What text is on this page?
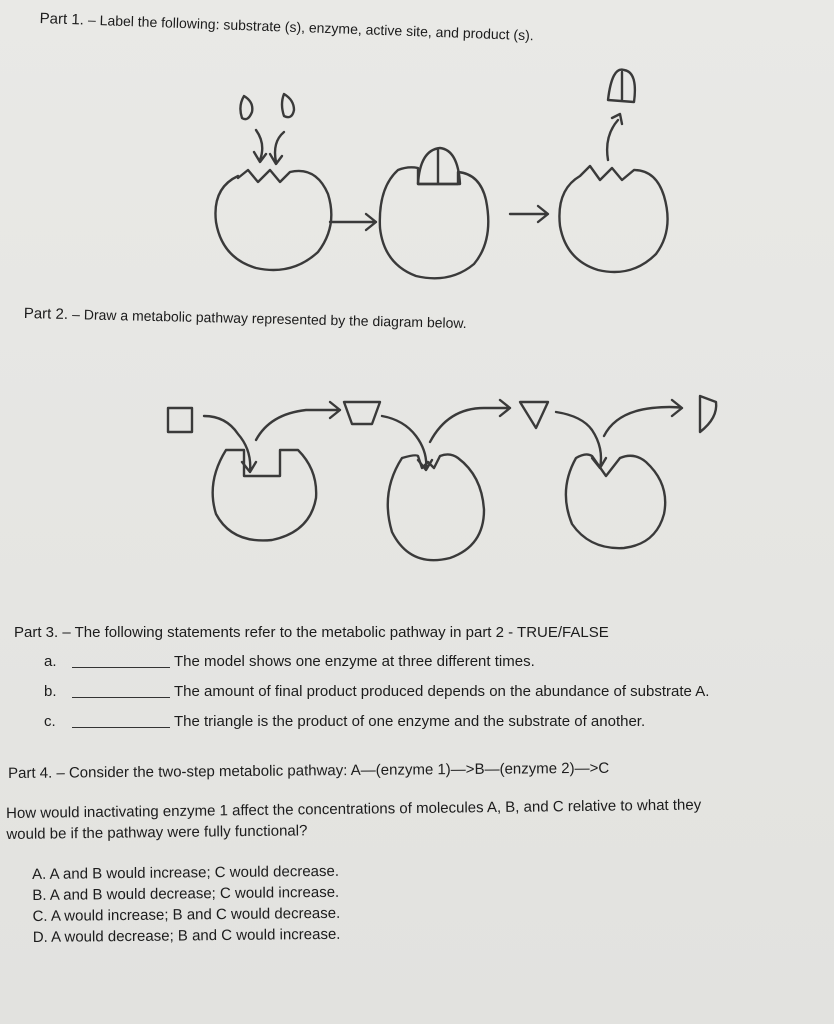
Part 1. – Label the following: substrate (s), enzyme, active site, and product (s).
Part 2. – Draw a metabolic pathway represented by the diagram below.
Part 3. – The following statements refer to the metabolic pathway in part 2 - TRUE/FALSE
a.	The model shows one enzyme at three different times.
b.	The amount of final product produced depends on the abundance of substrate A.
c.	The triangle is the product of one enzyme and the substrate of another.
Part 4. – Consider the two-step metabolic pathway: A—(enzyme 1)—>B—(enzyme 2)—>C
How would inactivating enzyme 1 affect the concentrations of molecules A, B, and C relative to what they
would be if the pathway were fully functional?
A. A and B would increase; C would decrease.
B. A and B would decrease; C would increase.
C. A would increase; B and C would decrease.
D. A would decrease; B and C would increase.
